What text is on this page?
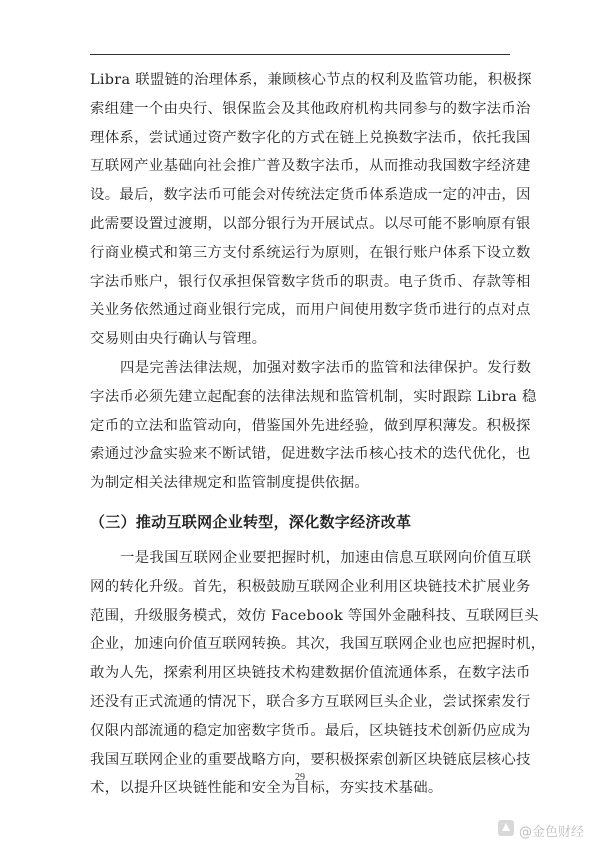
Libra 联盟链的治理体系，兼顾核心节点的权利及监管功能，积极探
索组建一个由央行、银保监会及其他政府机构共同参与的数字法币治
理体系，尝试通过资产数字化的方式在链上兑换数字法币，依托我国
互联网产业基础向社会推广普及数字法币，从而推动我国数字经济建
设。最后，数字法币可能会对传统法定货币体系造成一定的冲击，因
此需要设置过渡期，以部分银行为开展试点。以尽可能不影响原有银
行商业模式和第三方支付系统运行为原则，在银行账户体系下设立数
字法币账户，银行仅承担保管数字货币的职责。电子货币、存款等相
关业务依然通过商业银行完成，而用户间使用数字货币进行的点对点
交易则由央行确认与管理。
四是完善法律法规，加强对数字法币的监管和法律保护。发行数
字法币必须先建立起配套的法律法规和监管机制，实时跟踪 Libra 稳
定币的立法和监管动向，借鉴国外先进经验，做到厚积薄发。积极探
索通过沙盒实验来不断试错，促进数字法币核心技术的迭代优化，也
为制定相关法律规定和监管制度提供依据。
（三）推动互联网企业转型，深化数字经济改革
一是我国互联网企业要把握时机，加速由信息互联网向价值互联
网的转化升级。首先，积极鼓励互联网企业利用区块链技术扩展业务
范围，升级服务模式，效仿 Facebook 等国外金融科技、互联网巨头
企业，加速向价值互联网转换。其次，我国互联网企业也应把握时机，
敢为人先，探索利用区块链技术构建数据价值流通体系，在数字法币
还没有正式流通的情况下，联合多方互联网巨头企业，尝试探索发行
仅限内部流通的稳定加密数字货币。最后，区块链技术创新仍应成为
我国互联网企业的重要战略方向，要积极探索创新区块链底层核心技
术，以提升区块链性能和安全为目标，夯实技术基础。
29
@金色财经
